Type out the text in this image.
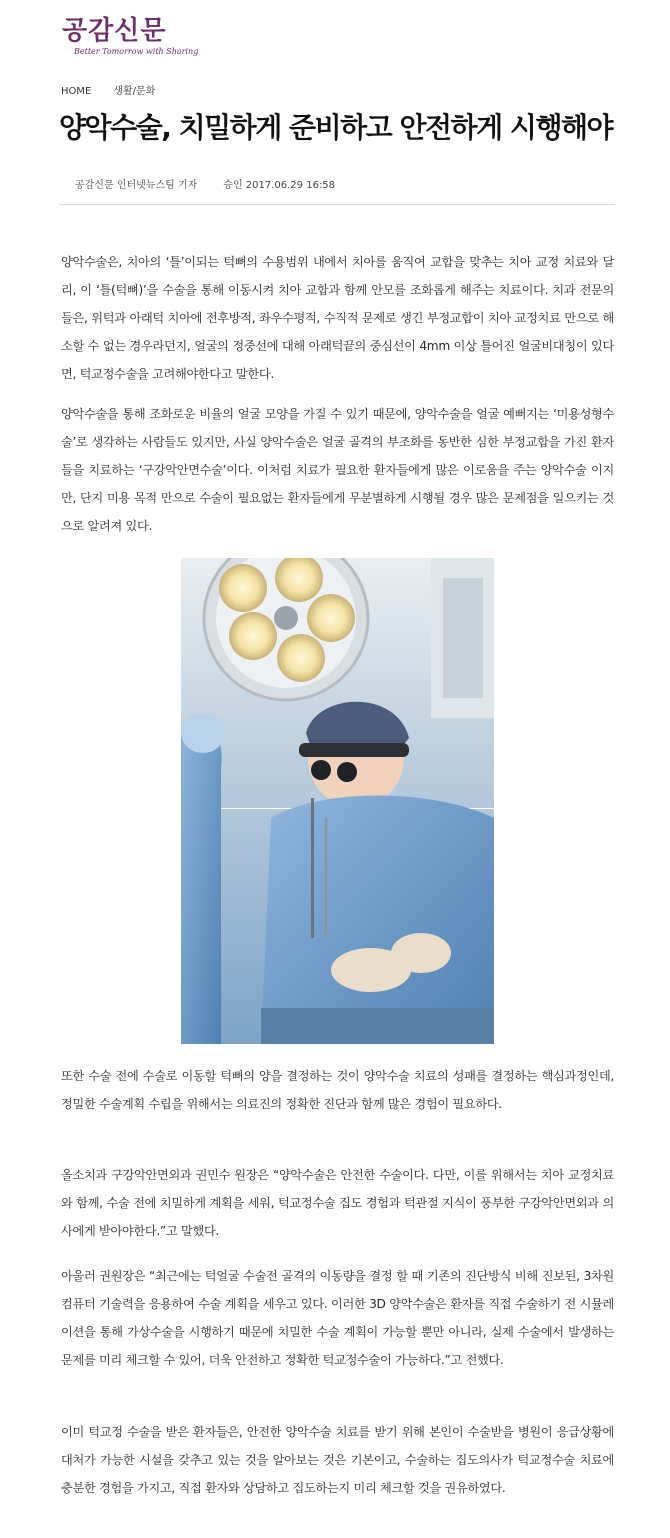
공감신문
Better Tomorrow with Sharing
HOME 생활/문화
양악수술, 치밀하게 준비하고 안전하게 시행해야
공감신문 인터넷뉴스팀 기자	승인 2017.06.29 16:58

양악수술은, 치아의 ‘틀’이되는 턱뼈의 수용범위 내에서 치아를 움직여 교합을 맞추는 치아 교정 치료와 달리, 이 ‘틀(턱뼈)’을 수술을 통해 이동시켜 치아 교합과 함께 안모를 조화롭게 해주는 치료이다. 치과 전문의들은, 위턱과 아래턱 치아에 전후방적, 좌우수평적, 수직적 문제로 생긴 부정교합이 치아 교정치료 만으로 해소할 수 없는 경우라던지, 얼굴의 정중선에 대해 아래턱끝의 중심선이 4mm 이상 틀어진 얼굴비대칭이 있다면, 턱교정수술을 고려해야한다고 말한다.

양악수술을 통해 조화로운 비율의 얼굴 모양을 가질 수 있기 때문에, 양악수술을 얼굴 예뻐지는 ‘미용성형수술’로 생각하는 사람들도 있지만, 사실 양악수술은 얼굴 골격의 부조화를 동반한 심한 부정교합을 가진 환자들을 치료하는 ‘구강악안면수술’이다. 이처럼 치료가 필요한 환자들에게 많은 이로움을 주는 양악수술 이지만, 단지 미용 목적 만으로 수술이 필요없는 환자들에게 무분별하게 시행될 경우 많은 문제점을 일으키는 것으로 알려져 있다.

또한 수술 전에 수술로 이동할 턱뼈의 양을 결정하는 것이 양악수술 치료의 성패를 결정하는 핵심과정인데, 정밀한 수술계획 수립을 위해서는 의료진의 정확한 진단과 함께 많은 경험이 필요하다.

올소치과 구강악안면외과 권민수 원장은 “양악수술은 안전한 수술이다. 다만, 이를 위해서는 치아 교정치료와 함께, 수술 전에 치밀하게 계획을 세워, 턱교정수술 집도 경험과 턱관절 지식이 풍부한 구강악안면외과 의사에게 받아야한다.”고 말했다.

아울러 권원장은 “최근에는 턱얼굴 수술전 골격의 이동량을 결정 할 때 기존의 진단방식 비해 진보된, 3차원 컴퓨터 기술력을 응용하여 수술 계획을 세우고 있다. 이러한 3D 양악수술은 환자를 직접 수술하기 전 시뮬레이션을 통해 가상수술을 시행하기 때문에 치밀한 수술 계획이 가능할 뿐만 아니라, 실제 수술에서 발생하는 문제를 미리 체크할 수 있어, 더욱 안전하고 정확한 턱교정수술이 가능하다.”고 전했다.

이미 턱교정 수술을 받은 환자들은, 안전한 양악수술 치료를 받기 위해 본인이 수술받을 병원이 응급상황에 대처가 가능한 시설을 갖추고 있는 것을 알아보는 것은 기본이고, 수술하는 집도의사가 턱교정수술 치료에 충분한 경험을 가지고, 직접 환자와 상담하고 집도하는지 미리 체크할 것을 권유하였다.
